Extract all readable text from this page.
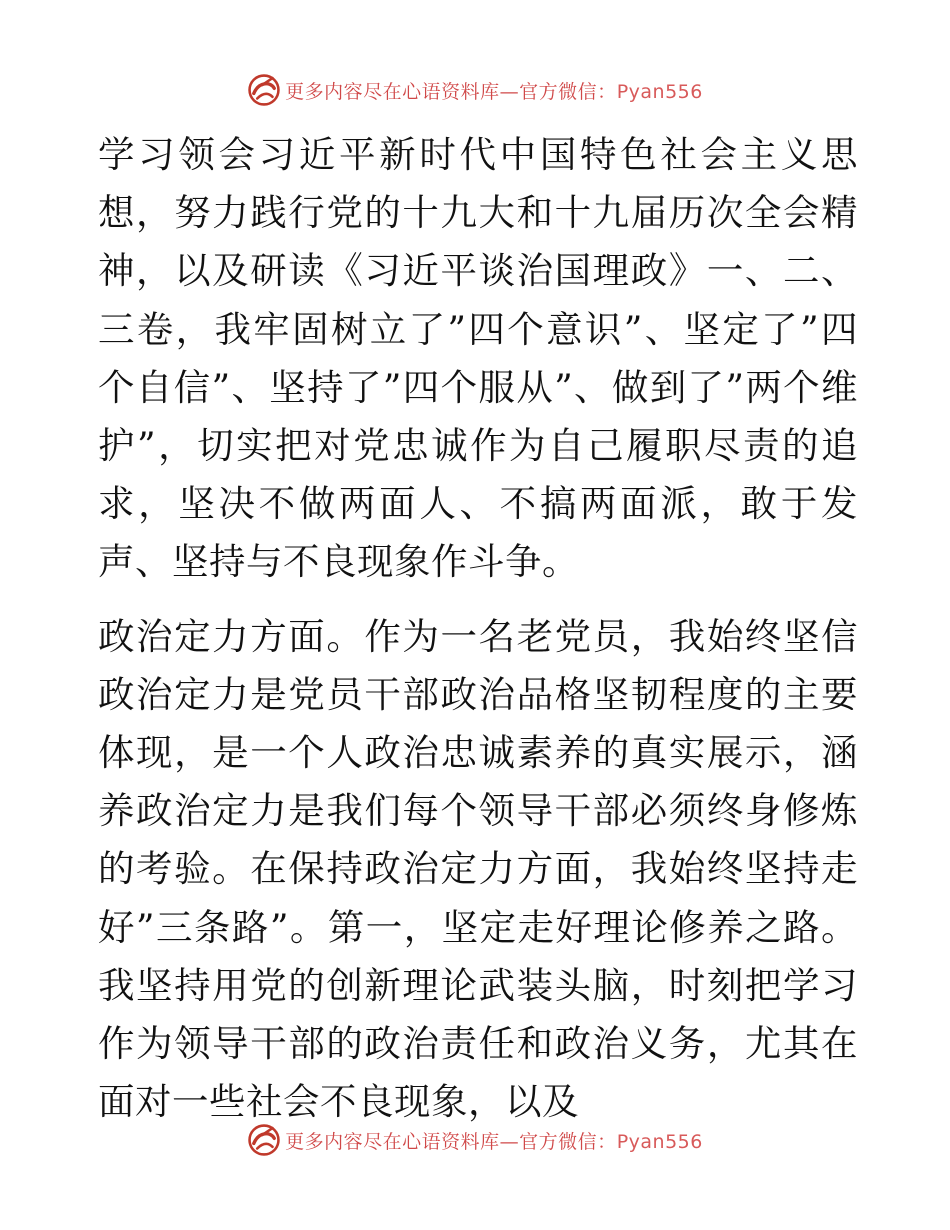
更多内容尽在心语资料库—官方微信：Pyan556

学习领会习近平新时代中国特色社会主义思想，努力践行党的十九大和十九届历次全会精神，以及研读《习近平谈治国理政》一、二、三卷，我牢固树立了”四个意识”、坚定了”四个自信”、坚持了”四个服从”、做到了”两个维护”，切实把对党忠诚作为自己履职尽责的追求，坚决不做两面人、不搞两面派，敢于发声、坚持与不良现象作斗争。

政治定力方面。作为一名老党员，我始终坚信政治定力是党员干部政治品格坚韧程度的主要体现，是一个人政治忠诚素养的真实展示，涵养政治定力是我们每个领导干部必须终身修炼的考验。在保持政治定力方面，我始终坚持走好”三条路”。第一，坚定走好理论修养之路。我坚持用党的创新理论武装头脑，时刻把学习作为领导干部的政治责任和政治义务，尤其在面对一些社会不良现象，以及

更多内容尽在心语资料库—官方微信：Pyan556
